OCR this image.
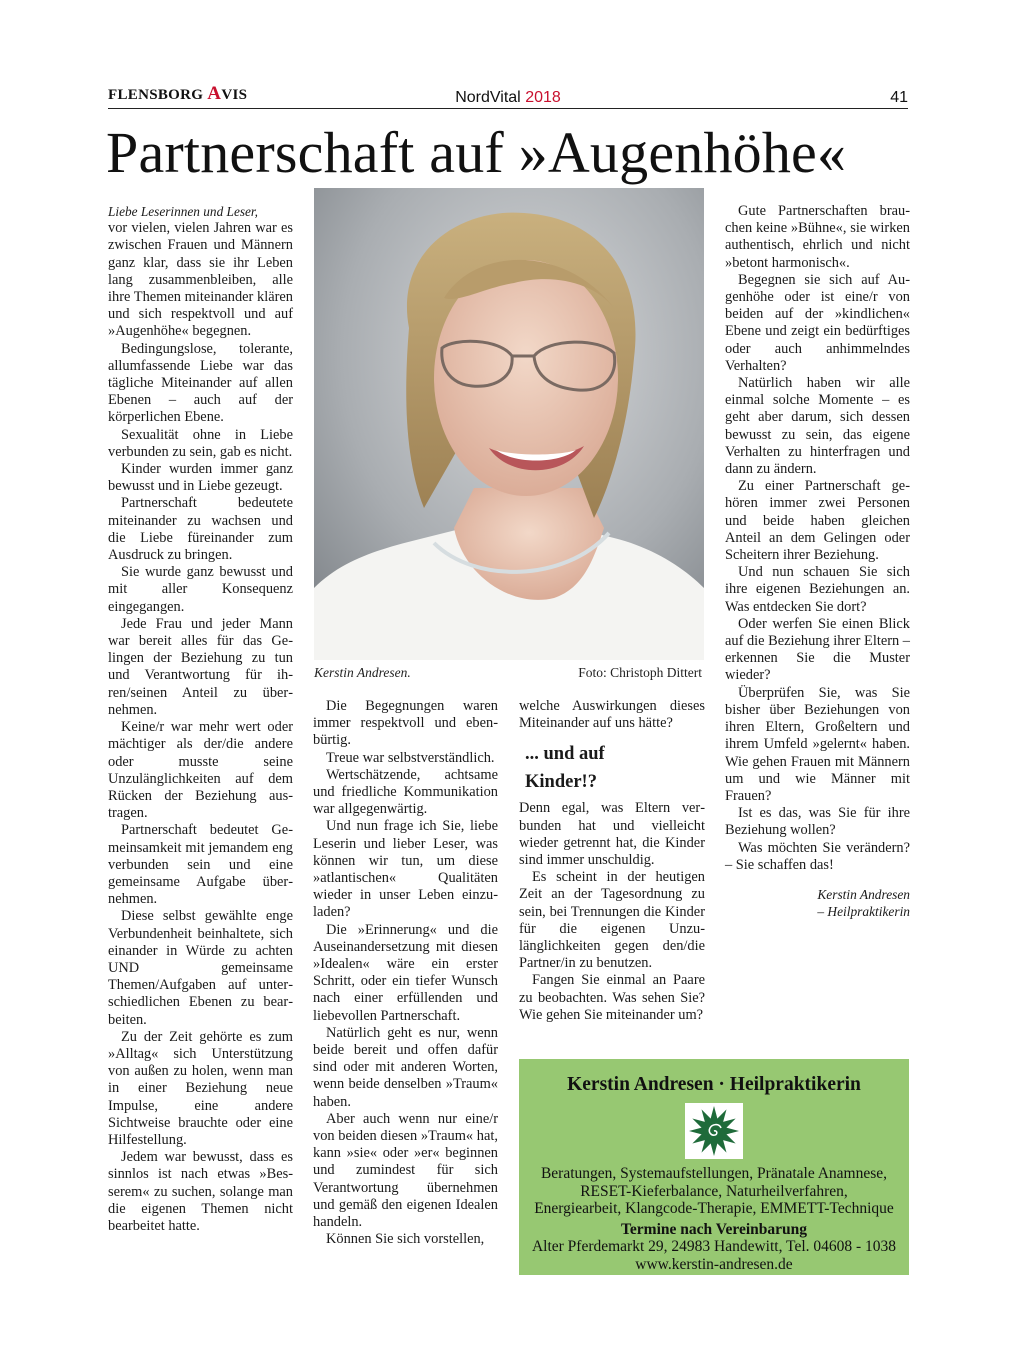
FLENSBORG AVIS	NordVital 2018	41
Partnerschaft auf »Augenhöhe«

Liebe Leserinnen und Leser,

vor vielen, vielen Jahren war es zwischen Frauen und Männern ganz klar, dass sie ihr Leben lang zusammenbleiben, alle ihre Themen miteinander klären und sich respektvoll und auf »Augenhöhe« begegnen.

Bedingungslose, tolerante, allumfassende Liebe war das tägliche Miteinander auf allen Ebenen – auch auf der körperlichen Ebene.

Sexualität ohne in Liebe verbunden zu sein, gab es nicht.

Kinder wurden immer ganz bewusst und in Liebe gezeugt.

Partnerschaft bedeutete miteinander zu wachsen und die Liebe füreinander zum Ausdruck zu bringen.

Sie wurde ganz bewusst und mit aller Konsequenz eingegangen.

Jede Frau und jeder Mann war bereit alles für das Gelingen der Beziehung zu tun und Verantwortung für ihren/seinen Anteil zu übernehmen.

Keine/r war mehr wert oder mächtiger als der/die andere oder musste seine Unzulänglichkeiten auf dem Rücken der Beziehung austragen.

Partnerschaft bedeutet Gemeinsamkeit mit jemandem eng verbunden sein und eine gemeinsame Aufgabe übernehmen.

Diese selbst gewählte enge Verbundenheit beinhaltete, sich einander in Würde zu achten UND gemeinsame Themen/Aufgaben auf unterschiedlichen Ebenen zu bearbeiten.

Zu der Zeit gehörte es zum »Alltag« sich Unterstützung von außen zu holen, wenn man in einer Beziehung neue Impulse, eine andere Sichtweise brauchte oder eine Hilfestellung.

Jedem war bewusst, dass es sinnlos ist nach etwas »Besserem« zu suchen, solange man die eigenen Themen nicht bearbeitet hatte.

Kerstin Andresen.	Foto: Christoph Dittert

Die Begegnungen waren immer respektvoll und ebenbürtig.

Treue war selbstverständlich.

Wertschätzende, achtsame und friedliche Kommunikation war allgegenwärtig.

Und nun frage ich Sie, liebe Leserin und lieber Leser, was können wir tun, um diese »atlantischen« Qualitäten wieder in unser Leben einzuladen?

Die »Erinnerung« und die Auseinandersetzung mit diesen »Idealen« wäre ein erster Schritt, oder ein tiefer Wunsch nach einer erfüllenden und liebevollen Partnerschaft.

Natürlich geht es nur, wenn beide bereit und offen dafür sind oder mit anderen Worten, wenn beide denselben »Traum« haben.

Aber auch wenn nur eine/r von beiden diesen »Traum« hat, kann »sie« oder »er« beginnen und zumindest für sich Verantwortung übernehmen und gemäß den eigenen Idealen handeln.

Können Sie sich vorstellen,

welche Auswirkungen dieses Miteinander auf uns hätte?

... und auf
Kinder!?

Denn egal, was Eltern verbunden hat und vielleicht wieder getrennt hat, die Kinder sind immer unschuldig.

Es scheint in der heutigen Zeit an der Tagesordnung zu sein, bei Trennungen die Kinder für die eigenen Unzulänglichkeiten gegen den/die Partner/in zu benutzen.

Fangen Sie einmal an Paare zu beobachten. Was sehen Sie? Wie gehen Sie miteinander um?

Gute Partnerschaften brauchen keine »Bühne«, sie wirken authentisch, ehrlich und nicht »betont harmonisch«.

Begegnen sie sich auf Augenhöhe oder ist eine/r von beiden auf der »kindlichen« Ebene und zeigt ein bedürftiges oder auch anhimmelndes Verhalten?

Natürlich haben wir alle einmal solche Momente – es geht aber darum, sich dessen bewusst zu sein, das eigene Verhalten zu hinterfragen und dann zu ändern.

Zu einer Partnerschaft gehören immer zwei Personen und beide haben gleichen Anteil an dem Gelingen oder Scheitern ihrer Beziehung.

Und nun schauen Sie sich ihre eigenen Beziehungen an. Was entdecken Sie dort?

Oder werfen Sie einen Blick auf die Beziehung ihrer Eltern – erkennen Sie die Muster wieder?

Überprüfen Sie, was Sie bisher über Beziehungen von ihren Eltern, Großeltern und ihrem Umfeld »gelernt« haben. Wie gehen Frauen mit Männern um und wie Männer mit Frauen?

Ist es das, was Sie für ihre Beziehung wollen?

Was möchten Sie verändern? – Sie schaffen das!

Kerstin Andresen
– Heilpraktikerin
Kerstin Andresen · Heilpraktikerin
Beratungen, Systemaufstellungen, Pränatale Anamnese,
RESET-Kieferbalance, Naturheilverfahren,
Energiearbeit, Klangcode-Therapie, EMMETT-Technique
Termine nach Vereinbarung
Alter Pferdemarkt 29, 24983 Handewitt, Tel. 04608 - 1038
www.kerstin-andresen.de
